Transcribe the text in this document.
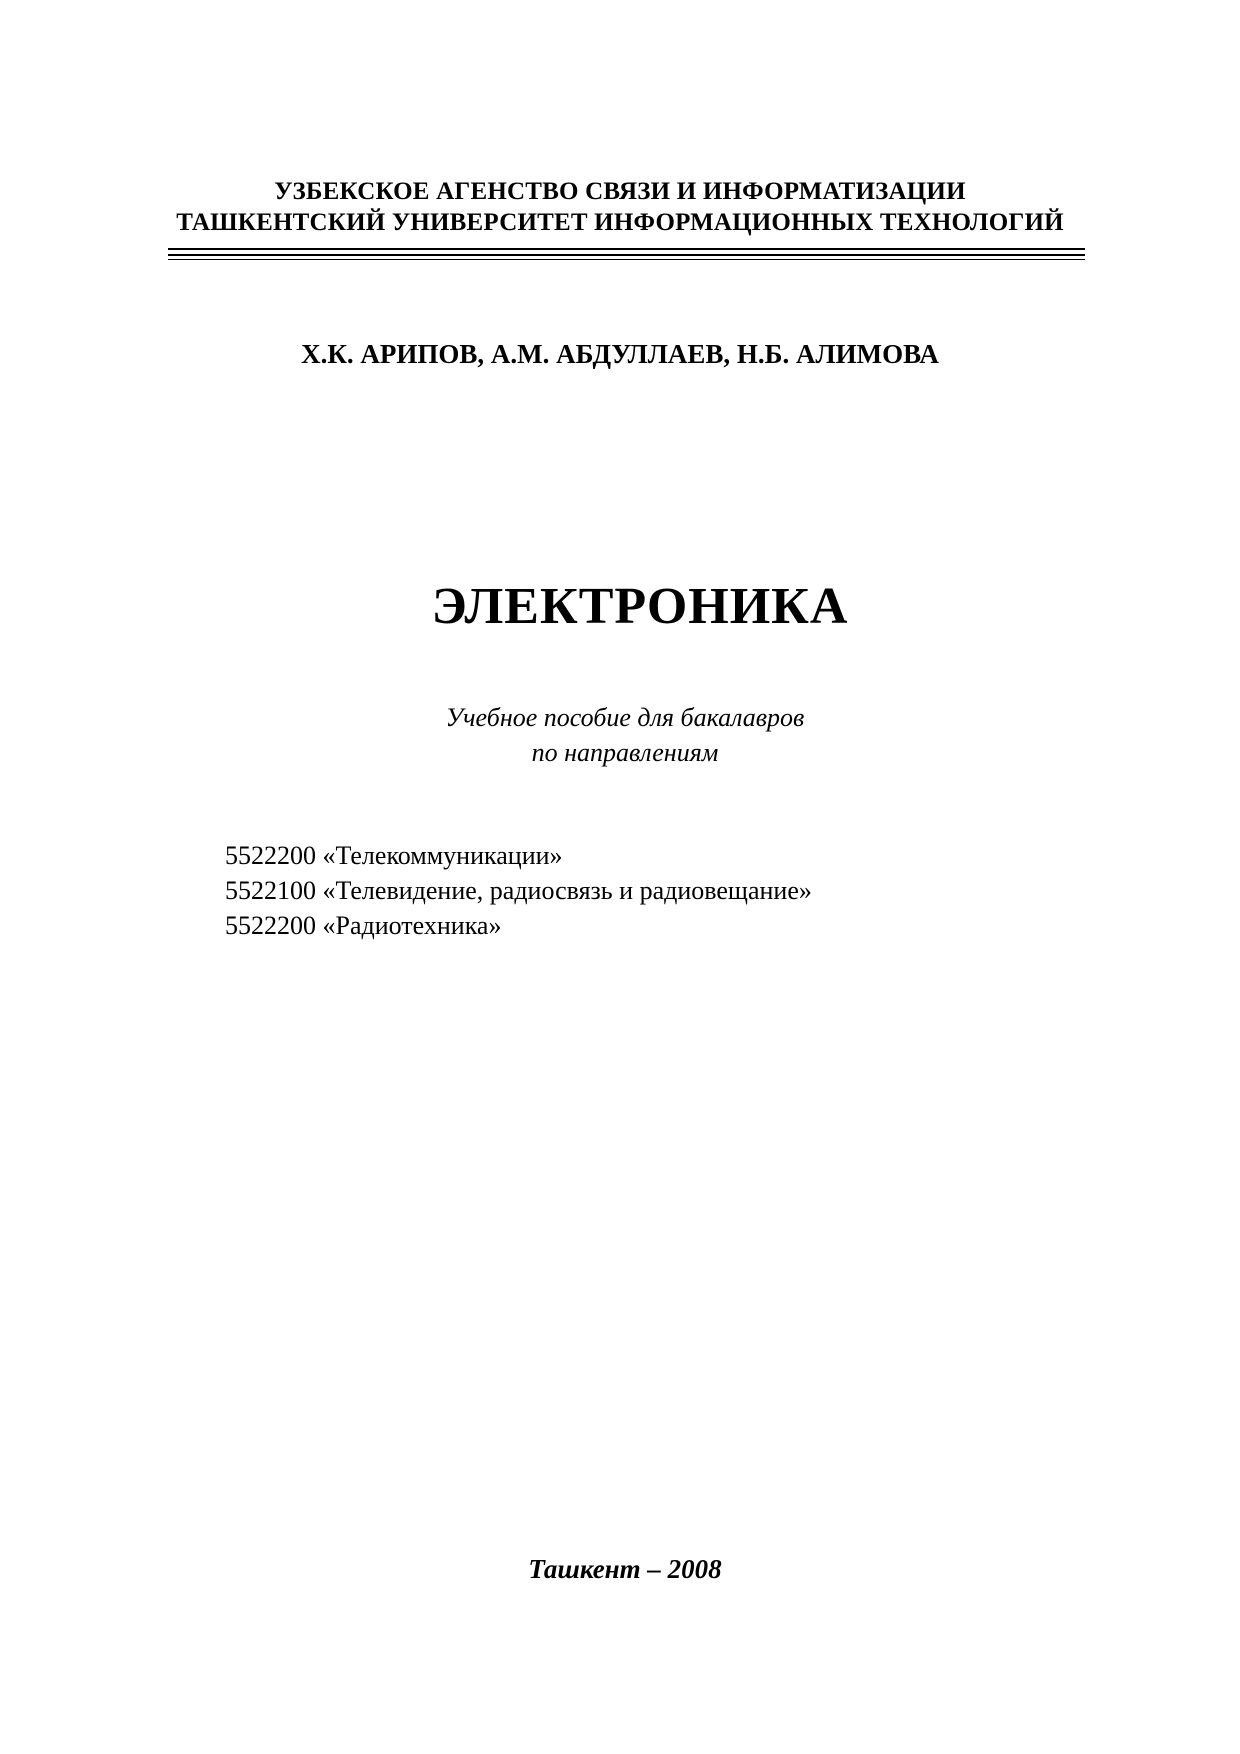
УЗБЕКСКОЕ АГЕНСТВО СВЯЗИ И ИНФОРМАТИЗАЦИИ
ТАШКЕНТСКИЙ УНИВЕРСИТЕТ ИНФОРМАЦИОННЫХ ТЕХНОЛОГИЙ
Х.К. АРИПОВ, А.М. АБДУЛЛАЕВ, Н.Б. АЛИМОВА
ЭЛЕКТРОНИКА
Учебное пособие для бакалавров
по направлениям
5522200 «Телекоммуникации»
5522100 «Телевидение, радиосвязь и радиовещание»
5522200 «Радиотехника»
Ташкент – 2008
